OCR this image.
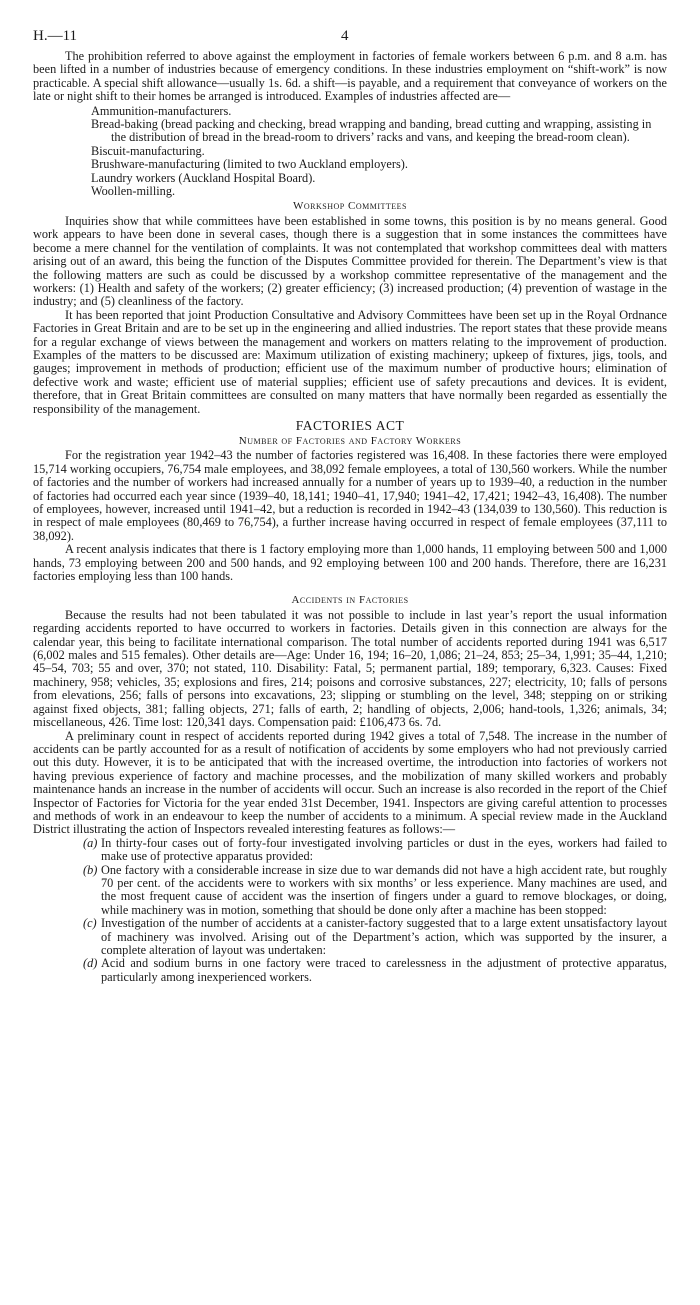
H.—11	4

The prohibition referred to above against the employment in factories of female workers between 6 p.m. and 8 a.m. has been lifted in a number of industries because of emergency conditions. In these industries employment on “shift-work” is now practicable. A special shift allowance—usually 1s. 6d. a shift—is payable, and a requirement that conveyance of workers on the late or night shift to their homes be arranged is introduced. Examples of industries affected are—

Ammunition-manufacturers.
Bread-baking (bread packing and checking, bread wrapping and banding, bread cutting and wrapping, assisting in the distribution of bread in the bread-room to drivers’ racks and vans, and keeping the bread-room clean).
Biscuit-manufacturing.
Brushware-manufacturing (limited to two Auckland employers).
Laundry workers (Auckland Hospital Board).
Woollen-milling.
Workshop Committees

Inquiries show that while committees have been established in some towns, this position is by no means general. Good work appears to have been done in several cases, though there is a suggestion that in some instances the committees have become a mere channel for the ventilation of complaints. It was not contemplated that workshop committees deal with matters arising out of an award, this being the function of the Disputes Committee provided for therein. The Department’s view is that the following matters are such as could be discussed by a workshop committee representative of the management and the workers: (1) Health and safety of the workers; (2) greater efficiency; (3) increased production; (4) prevention of wastage in the industry; and (5) cleanliness of the factory.

It has been reported that joint Production Consultative and Advisory Committees have been set up in the Royal Ordnance Factories in Great Britain and are to be set up in the engineering and allied industries. The report states that these provide means for a regular exchange of views between the management and workers on matters relating to the improvement of production. Examples of the matters to be discussed are: Maximum utilization of existing machinery; upkeep of fixtures, jigs, tools, and gauges; improvement in methods of production; efficient use of the maximum number of productive hours; elimination of defective work and waste; efficient use of material supplies; efficient use of safety precautions and devices. It is evident, therefore, that in Great Britain committees are consulted on many matters that have normally been regarded as essentially the responsibility of the management.

FACTORIES ACT
Number of Factories and Factory Workers

For the registration year 1942–43 the number of factories registered was 16,408. In these factories there were employed 15,714 working occupiers, 76,754 male employees, and 38,092 female employees, a total of 130,560 workers. While the number of factories and the number of workers had increased annually for a number of years up to 1939–40, a reduction in the number of factories had occurred each year since (1939–40, 18,141; 1940–41, 17,940; 1941–42, 17,421; 1942–43, 16,408). The number of employees, however, increased until 1941–42, but a reduction is recorded in 1942–43 (134,039 to 130,560). This reduction is in respect of male employees (80,469 to 76,754), a further increase having occurred in respect of female employees (37,111 to 38,092).

A recent analysis indicates that there is 1 factory employing more than 1,000 hands, 11 employing between 500 and 1,000 hands, 73 employing between 200 and 500 hands, and 92 employing between 100 and 200 hands. Therefore, there are 16,231 factories employing less than 100 hands.

Accidents in Factories

Because the results had not been tabulated it was not possible to include in last year’s report the usual information regarding accidents reported to have occurred to workers in factories. Details given in this connection are always for the calendar year, this being to facilitate international comparison. The total number of accidents reported during 1941 was 6,517 (6,002 males and 515 females). Other details are—Age: Under 16, 194; 16–20, 1,086; 21–24, 853; 25–34, 1,991; 35–44, 1,210; 45–54, 703; 55 and over, 370; not stated, 110. Disability: Fatal, 5; permanent partial, 189; temporary, 6,323. Causes: Fixed machinery, 958; vehicles, 35; explosions and fires, 214; poisons and corrosive substances, 227; electricity, 10; falls of persons from elevations, 256; falls of persons into excavations, 23; slipping or stumbling on the level, 348; stepping on or striking against fixed objects, 381; falling objects, 271; falls of earth, 2; handling of objects, 2,006; hand-tools, 1,326; animals, 34; miscellaneous, 426. Time lost: 120,341 days. Compensation paid: £106,473 6s. 7d.

A preliminary count in respect of accidents reported during 1942 gives a total of 7,548. The increase in the number of accidents can be partly accounted for as a result of notification of accidents by some employers who had not previously carried out this duty. However, it is to be anticipated that with the increased overtime, the introduction into factories of workers not having previous experience of factory and machine processes, and the mobilization of many skilled workers and probably maintenance hands an increase in the number of accidents will occur. Such an increase is also recorded in the report of the Chief Inspector of Factories for Victoria for the year ended 31st December, 1941. Inspectors are giving careful attention to processes and methods of work in an endeavour to keep the number of accidents to a minimum. A special review made in the Auckland District illustrating the action of Inspectors revealed interesting features as follows:—

(a) In thirty-four cases out of forty-four investigated involving particles or dust in the eyes, workers had failed to make use of protective apparatus provided:
(b) One factory with a considerable increase in size due to war demands did not have a high accident rate, but roughly 70 per cent. of the accidents were to workers with six months’ or less experience. Many machines are used, and the most frequent cause of accident was the insertion of fingers under a guard to remove blockages, or doing, while machinery was in motion, something that should be done only after a machine has been stopped:
(c) Investigation of the number of accidents at a canister-factory suggested that to a large extent unsatisfactory layout of machinery was involved. Arising out of the Department’s action, which was supported by the insurer, a complete alteration of layout was undertaken:
(d) Acid and sodium burns in one factory were traced to carelessness in the adjustment of protective apparatus, particularly among inexperienced workers.
